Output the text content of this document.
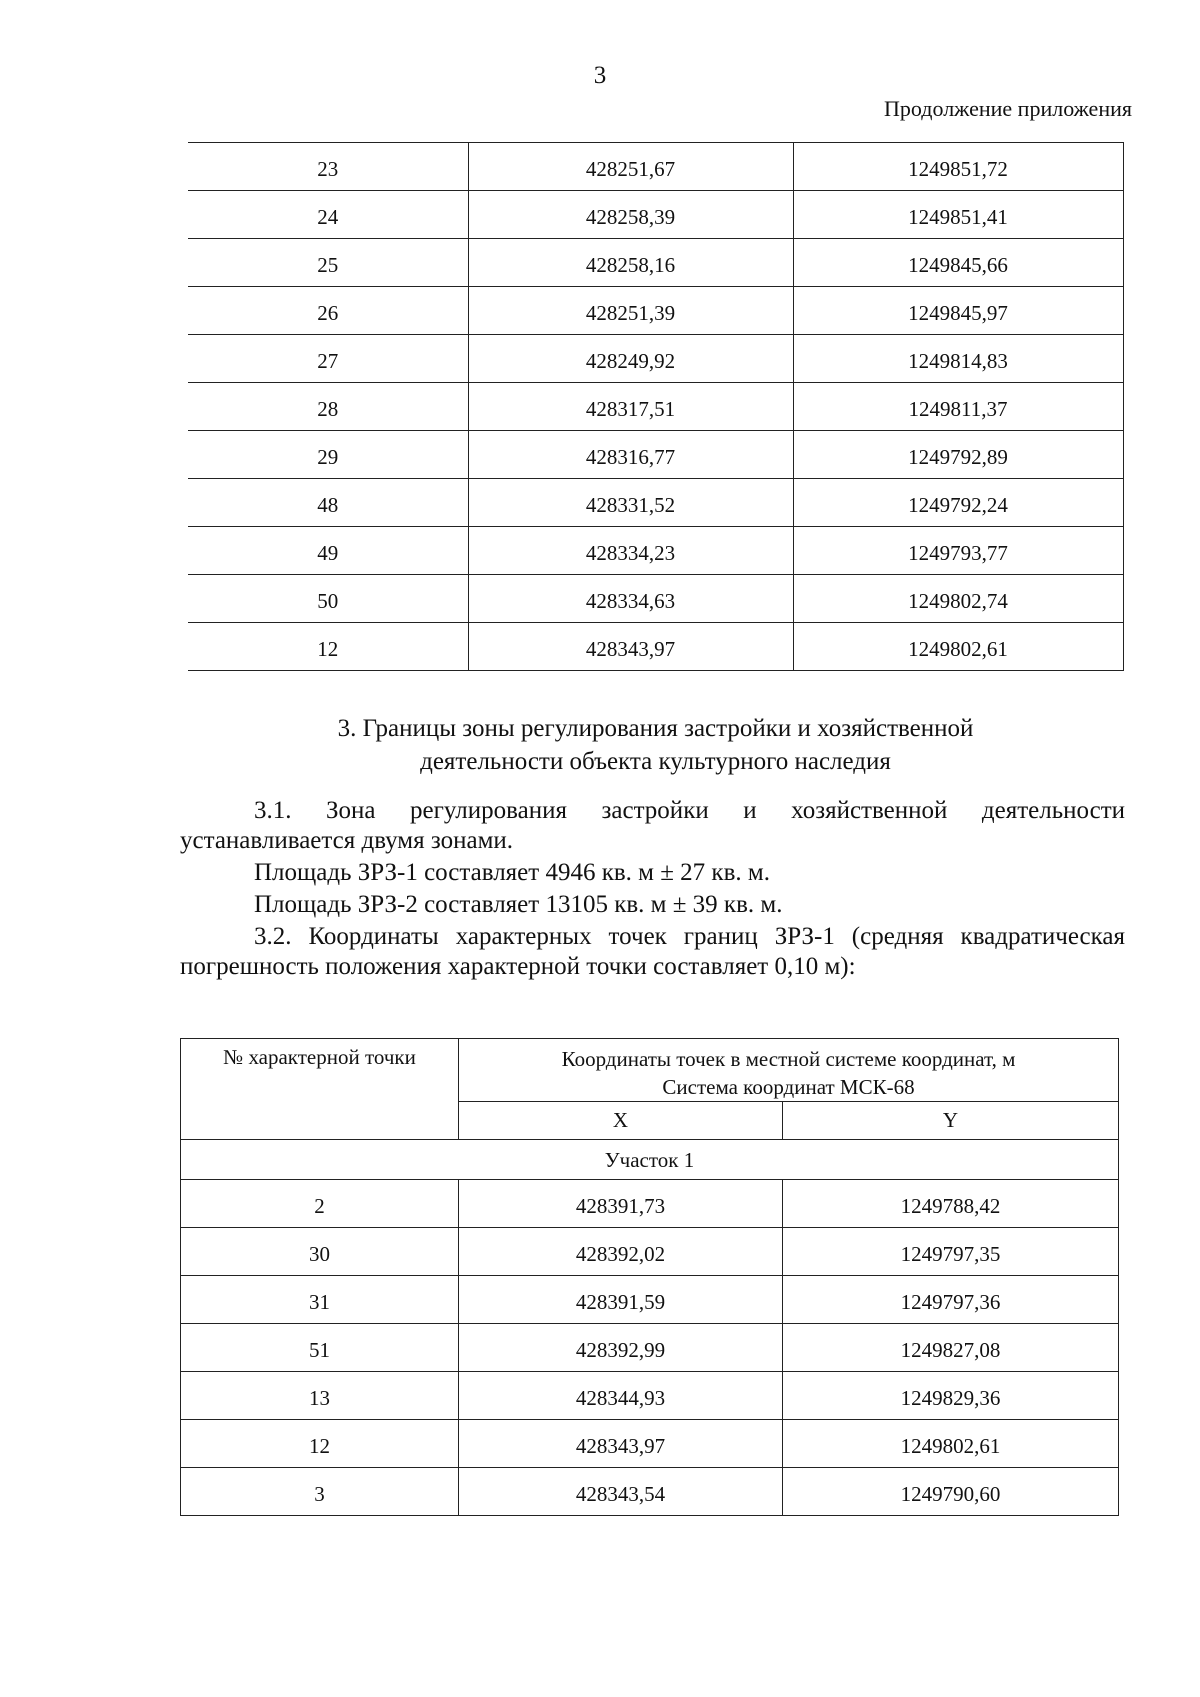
3
Продолжение приложения
23	428251,67	1249851,72
24	428258,39	1249851,41
25	428258,16	1249845,66
26	428251,39	1249845,97
27	428249,92	1249814,83
28	428317,51	1249811,37
29	428316,77	1249792,89
48	428331,52	1249792,24
49	428334,23	1249793,77
50	428334,63	1249802,74
12	428343,97	1249802,61
3. Границы зоны регулирования застройки и хозяйственной
деятельности объекта культурного наследия
3.1. Зона регулирования застройки и хозяйственной деятельности устанавливается двумя зонами.
Площадь ЗРЗ-1 составляет 4946 кв. м ± 27 кв. м.
Площадь ЗРЗ-2 составляет 13105 кв. м ± 39 кв. м.
3.2. Координаты характерных точек границ ЗРЗ-1 (средняя квадратическая погрешность положения характерной точки составляет 0,10 м):
№ характерной точки	Координаты точек в местной системе координат, м
Система координат МСК-68	

	X	Y
Участок 1		
2	428391,73	1249788,42
30	428392,02	1249797,35
31	428391,59	1249797,36
51	428392,99	1249827,08
13	428344,93	1249829,36
12	428343,97	1249802,61
3	428343,54	1249790,60
